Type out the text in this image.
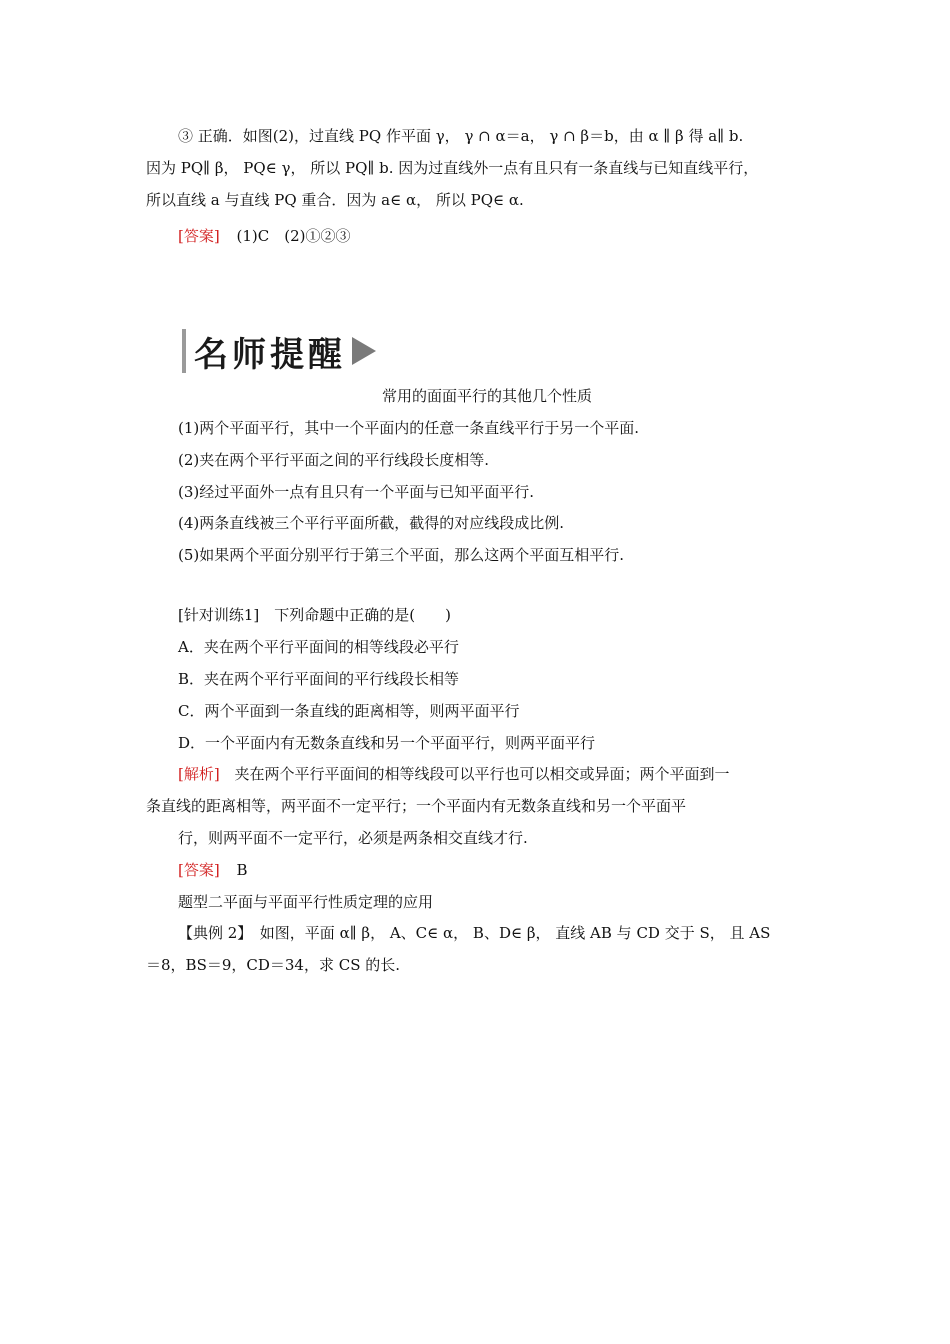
③ 正确．如图(2)，过直线 PQ 作平面 γ， γ ∩ α＝a， γ ∩ β＝b，由 α ∥ β 得 a∥ b.
因为 PQ∥ β， PQ∈ γ， 所以 PQ∥ b. 因为过直线外一点有且只有一条直线与已知直线平行，
所以直线 a 与直线 PQ 重合．因为 a∈ α， 所以 PQ∈ α.
[答案] (1)C　(2)①②③
名师提醒
常用的面面平行的其他几个性质
(1)两个平面平行，其中一个平面内的任意一条直线平行于另一个平面.
(2)夹在两个平行平面之间的平行线段长度相等.
(3)经过平面外一点有且只有一个平面与已知平面平行.
(4)两条直线被三个平行平面所截，截得的对应线段成比例.
(5)如果两个平面分别平行于第三个平面，那么这两个平面互相平行.
[针对训练1]　下列命题中正确的是(　　)
A．夹在两个平行平面间的相等线段必平行
B．夹在两个平行平面间的平行线段长相等
C．两个平面到一条直线的距离相等，则两平面平行
D．一个平面内有无数条直线和另一个平面平行，则两平面平行
[解析] 夹在两个平行平面间的相等线段可以平行也可以相交或异面；两个平面到一
条直线的距离相等，两平面不一定平行；一个平面内有无数条直线和另一个平面平
行，则两平面不一定平行，必须是两条相交直线才行.
[答案] B
题型二平面与平面平行性质定理的应用
【典例 2】　如图，平面 α∥ β， A、C∈ α， B、D∈ β， 直线 AB 与 CD 交于 S， 且 AS
＝8，BS＝9，CD＝34，求 CS 的长.
